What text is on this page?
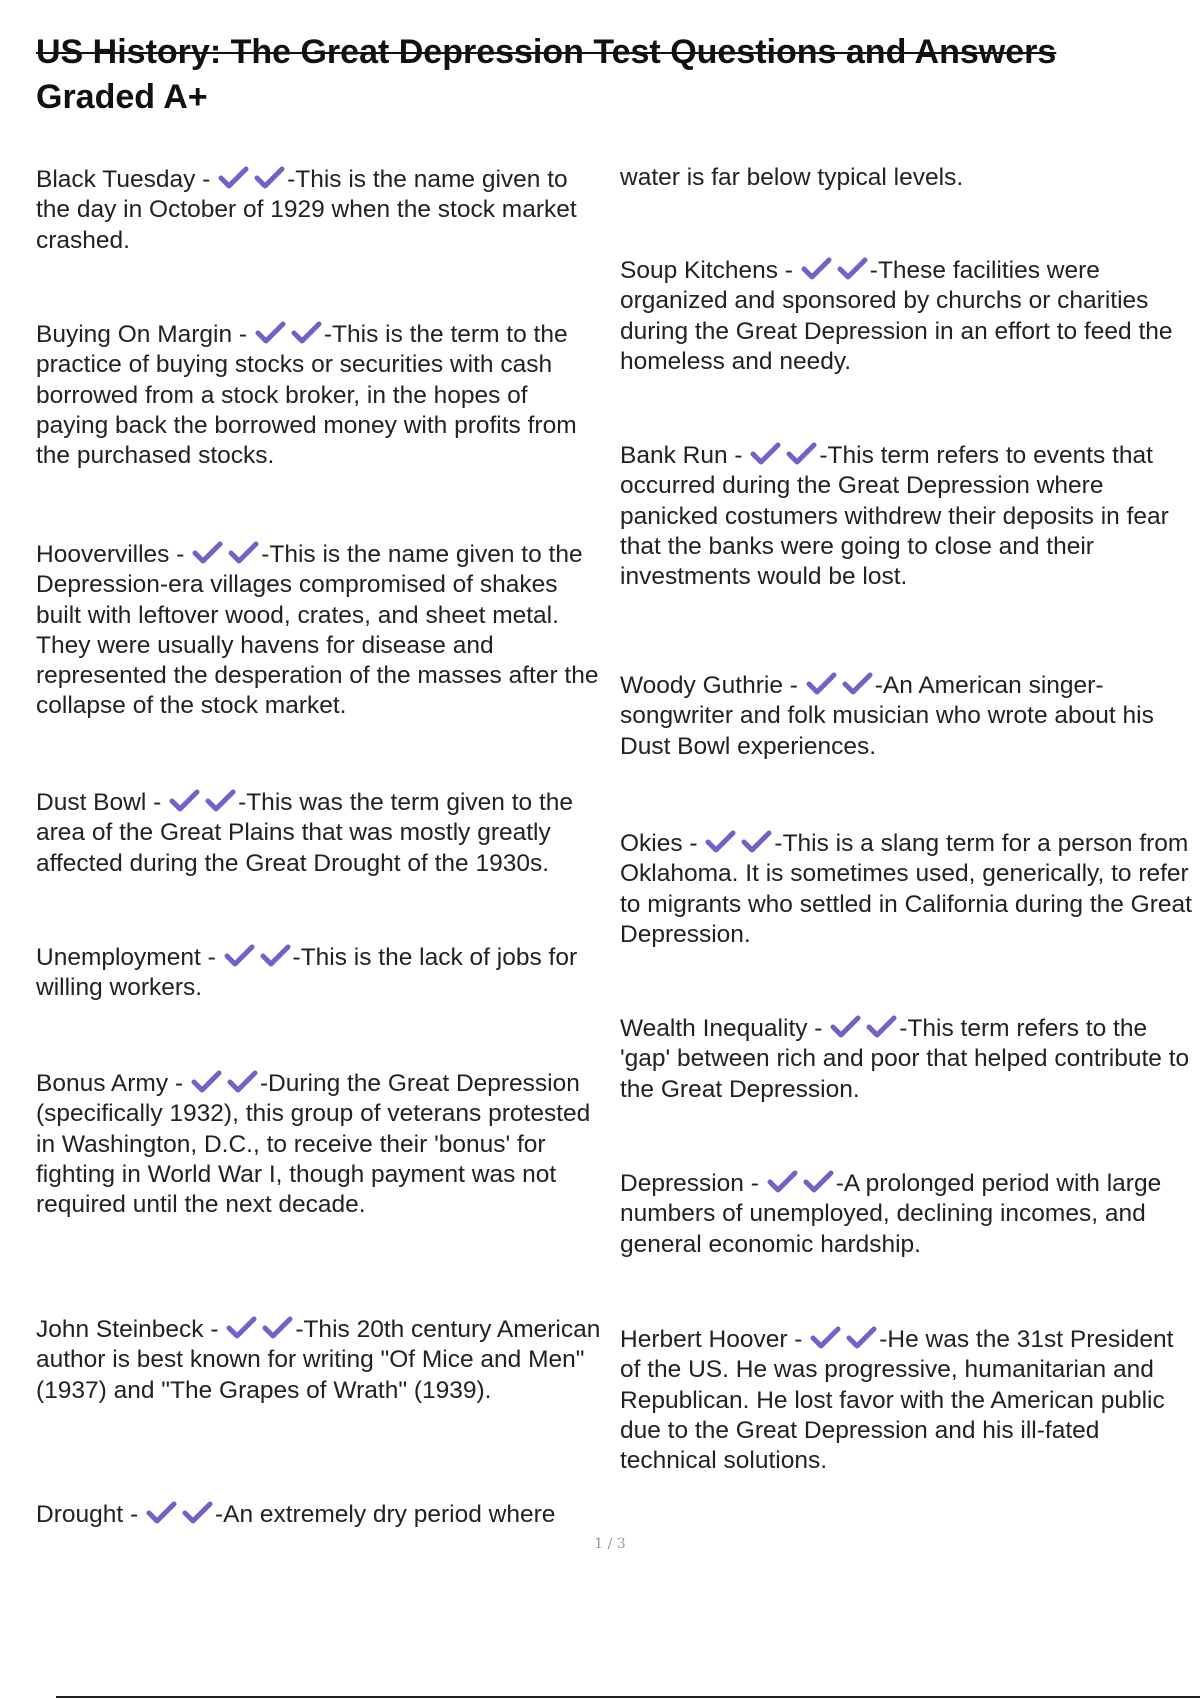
US History: The Great Depression Test Questions and Answers
Graded A+
Black Tuesday -	-This is the name given to the day in October of 1929 when the stock market crashed.
Buying On Margin -	-This is the term to the practice of buying stocks or securities with cash borrowed from a stock broker, in the hopes of paying back the borrowed money with profits from the purchased stocks.
Hoovervilles -	-This is the name given to the Depression-era villages compromised of shakes built with leftover wood, crates, and sheet metal. They were usually havens for disease and represented the desperation of the masses after the collapse of the stock market.
Dust Bowl -	-This was the term given to the area of the Great Plains that was mostly greatly affected during the Great Drought of the 1930s.
Unemployment -	-This is the lack of jobs for willing workers.
Bonus Army -	-During the Great Depression (specifically 1932), this group of veterans protested in Washington, D.C., to receive their 'bonus' for fighting in World War I, though payment was not required until the next decade.
John Steinbeck -	-This 20th century American author is best known for writing "Of Mice and Men" (1937) and "The Grapes of Wrath" (1939).
Drought -	-An extremely dry period where
water is far below typical levels.
Soup Kitchens -	-These facilities were organized and sponsored by churchs or charities during the Great Depression in an effort to feed the homeless and needy.
Bank Run -	-This term refers to events that occurred during the Great Depression where panicked costumers withdrew their deposits in fear that the banks were going to close and their investments would be lost.
Woody Guthrie -	-An American singer-songwriter and folk musician who wrote about his Dust Bowl experiences.
Okies -	-This is a slang term for a person from Oklahoma. It is sometimes used, generically, to refer to migrants who settled in California during the Great Depression.
Wealth Inequality -	-This term refers to the 'gap' between rich and poor that helped contribute to the Great Depression.
Depression -	-A prolonged period with large numbers of unemployed, declining incomes, and general economic hardship.
Herbert Hoover -	-He was the 31st President of the US. He was progressive, humanitarian and Republican. He lost favor with the American public due to the Great Depression and his ill-fated technical solutions.
1 / 3
